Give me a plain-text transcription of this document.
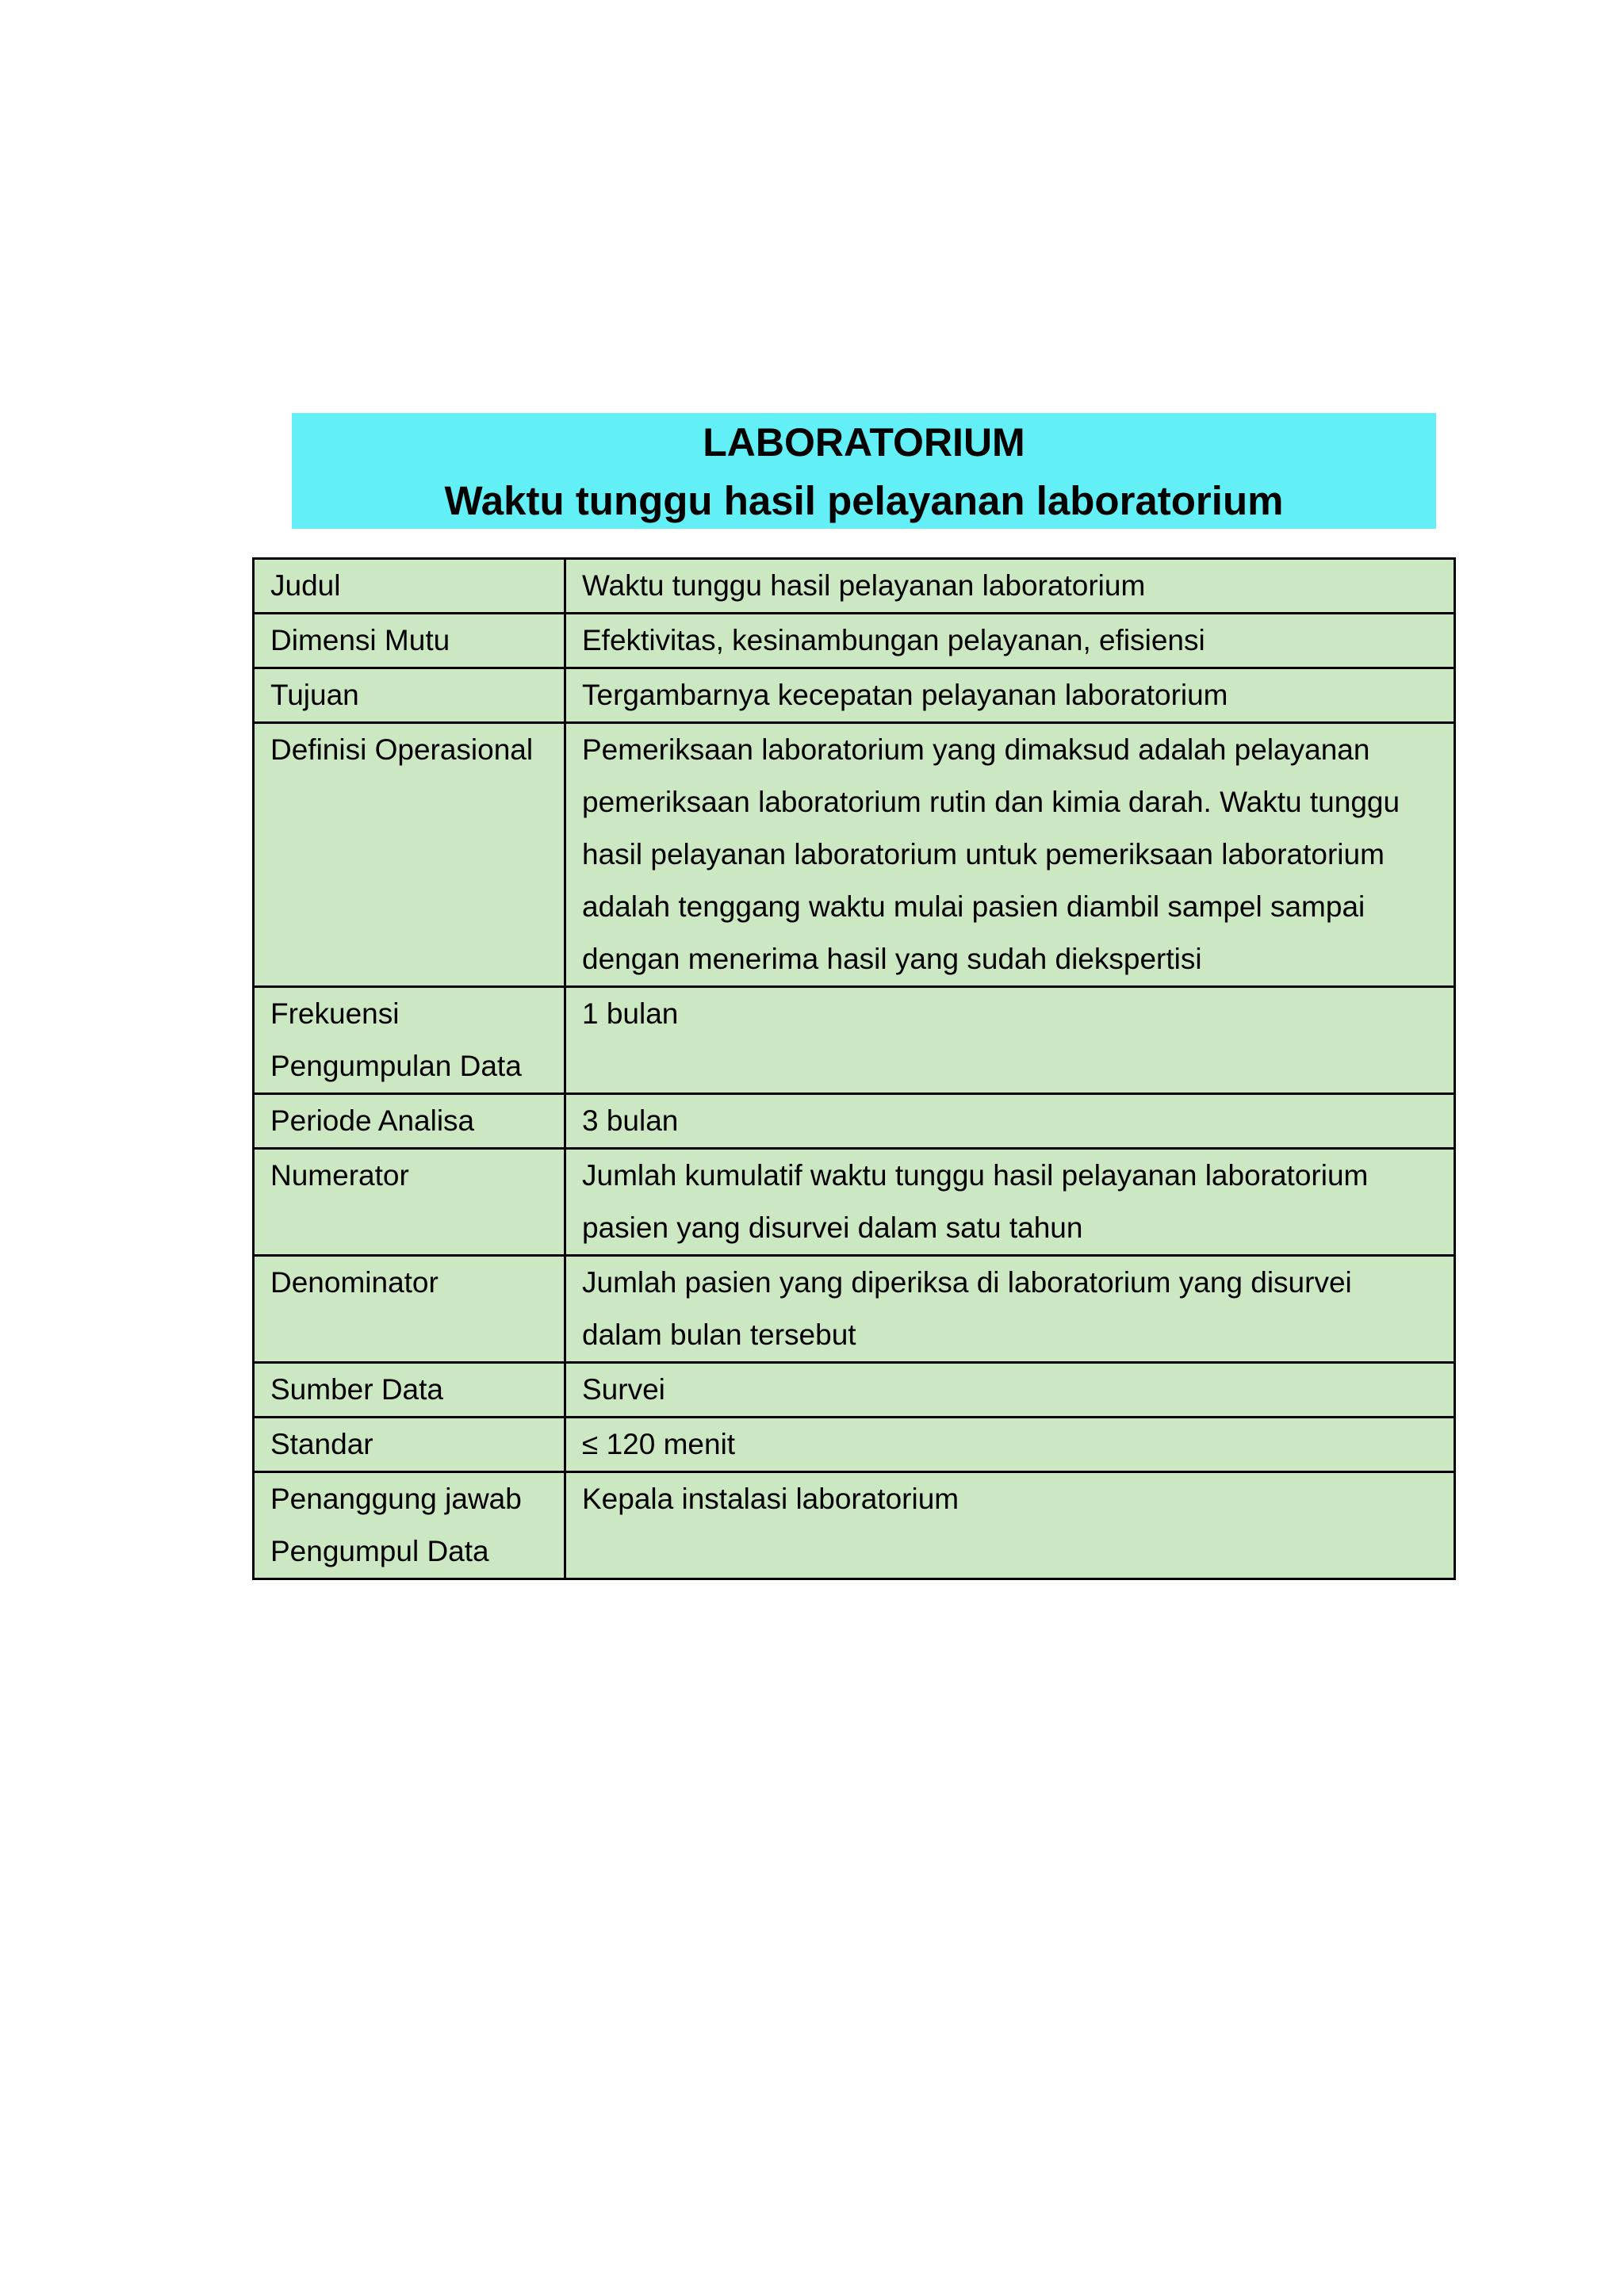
LABORATORIUM
Waktu tunggu hasil pelayanan laboratorium
Judul	Waktu tunggu hasil pelayanan laboratorium
Dimensi Mutu	Efektivitas, kesinambungan pelayanan, efisiensi
Tujuan	Tergambarnya kecepatan pelayanan laboratorium
Definisi Operasional	Pemeriksaan laboratorium yang dimaksud adalah pelayanan pemeriksaan laboratorium rutin dan kimia darah. Waktu tunggu hasil pelayanan laboratorium untuk pemeriksaan laboratorium adalah tenggang waktu mulai pasien diambil sampel sampai dengan menerima hasil yang sudah diekspertisi
Frekuensi Pengumpulan Data	1 bulan
Periode Analisa	3 bulan
Numerator	Jumlah kumulatif waktu tunggu hasil pelayanan laboratorium pasien yang disurvei dalam satu tahun
Denominator	Jumlah pasien yang diperiksa di laboratorium yang disurvei dalam bulan tersebut
Sumber Data	Survei
Standar	≤ 120 menit
Penanggung jawab Pengumpul Data	Kepala instalasi laboratorium
